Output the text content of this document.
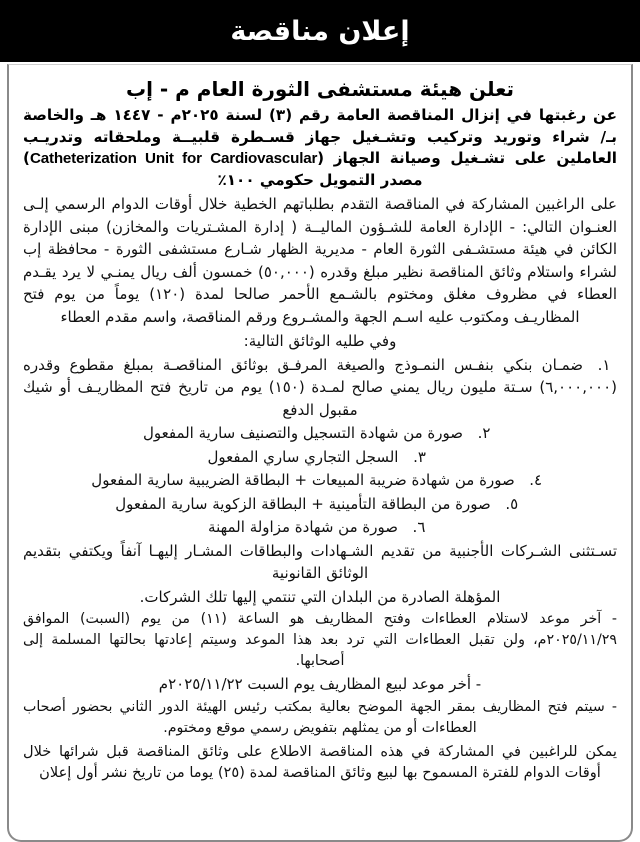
إعلان مناقصة
تعلن هيئة مستشفى الثورة العام م - إب

عن رغبتها في إنزال المناقصة العامة رقم (٣) لسنة ٢٠٢٥م - ١٤٤٧ هـ والخاصة بـ/ شراء وتوريد وتركيب وتشـغيل جهاز قسـطرة قلبيــة وملحقاته وتدريـب العاملين على تشـغيل وصيانة الجهاز (Catheterization Unit for Cardiovascular) مصدر التمويل حكومي ١٠٠٪

على الراغبين المشاركة في المناقصة التقدم بطلباتهم الخطية خلال أوقات الدوام الرسمي إلـى العنـوان التالي: - الإدارة العامة للشـؤون الماليــة ( إدارة المشـتريات والمخازن) مبنى الإدارة الكائن في هيئة مستشـفى الثورة العام - مديرية الظهار شـارع مستشفى الثورة - محافظة إب لشراء واستلام وثائق المناقصة نظير مبلغ وقدره (٥٠,٠٠٠) خمسون ألف ريال يمنـي لا يرد يقـدم العطاء في مظروف مغلق ومختوم بالشـمع الأحمر صالحا لمدة (١٢٠) يوماً من يوم فتح المظاريـف ومكتوب عليه اسـم الجهة والمشـروع ورقم المناقصة، واسم مقدم العطاء

وفي طليه الوثائق التالية:
١.ضمـان بنكي بنفـس النمـوذج والصيغة المرفـق بوثائق المناقصـة بمبلغ مقطوع وقدره (٦,٠٠٠,٠٠٠) سـتة مليون ريال يمني صالح لمـدة (١٥٠) يوم من تاريخ فتح المظاريـف أو شيك مقبول الدفع
٢.صورة من شهادة التسجيل والتصنيف سارية المفعول
٣.السجل التجاري ساري المفعول
٤.صورة من شهادة ضريبة المبيعات + البطاقة الضريبية سارية المفعول
٥.صورة من البطاقة التأمينية + البطاقة الزكوية سارية المفعول
٦.صورة من شهادة مزاولة المهنة

تسـتثنى الشـركات الأجنبية من تقديم الشـهادات والبطاقات المشـار إليهـا آنفاً ويكتفي بتقديم الوثائق القانونية

المؤهلة الصادرة من البلدان التي تنتمي إليها تلك الشركات.

- آخر موعد لاستلام العطاءات وفتح المظاريف هو الساعة (١١) من يوم (السبت) الموافق ٢٠٢٥/١١/٢٩م، ولن تقبل العطاءات التي ترد بعد هذا الموعد وسيتم إعادتها بحالتها المسلمة إلى أصحابها.

- أخر موعد لبيع المظاريف يوم السبت ٢٠٢٥/١١/٢٢م

- سيتم فتح المظاريف بمقر الجهة الموضح بعالية بمكتب رئيس الهيئة الدور الثاني بحضور أصحاب العطاءات أو من يمثلهم بتفويض رسمي موقع ومختوم.

يمكن للراغبين في المشاركة في هذه المناقصة الاطلاع على وثائق المناقصة قبل شرائها خلال أوقات الدوام للفترة المسموح بها لبيع وثائق المناقصة لمدة (٢٥) يوما من تاريخ نشر أول إعلان
